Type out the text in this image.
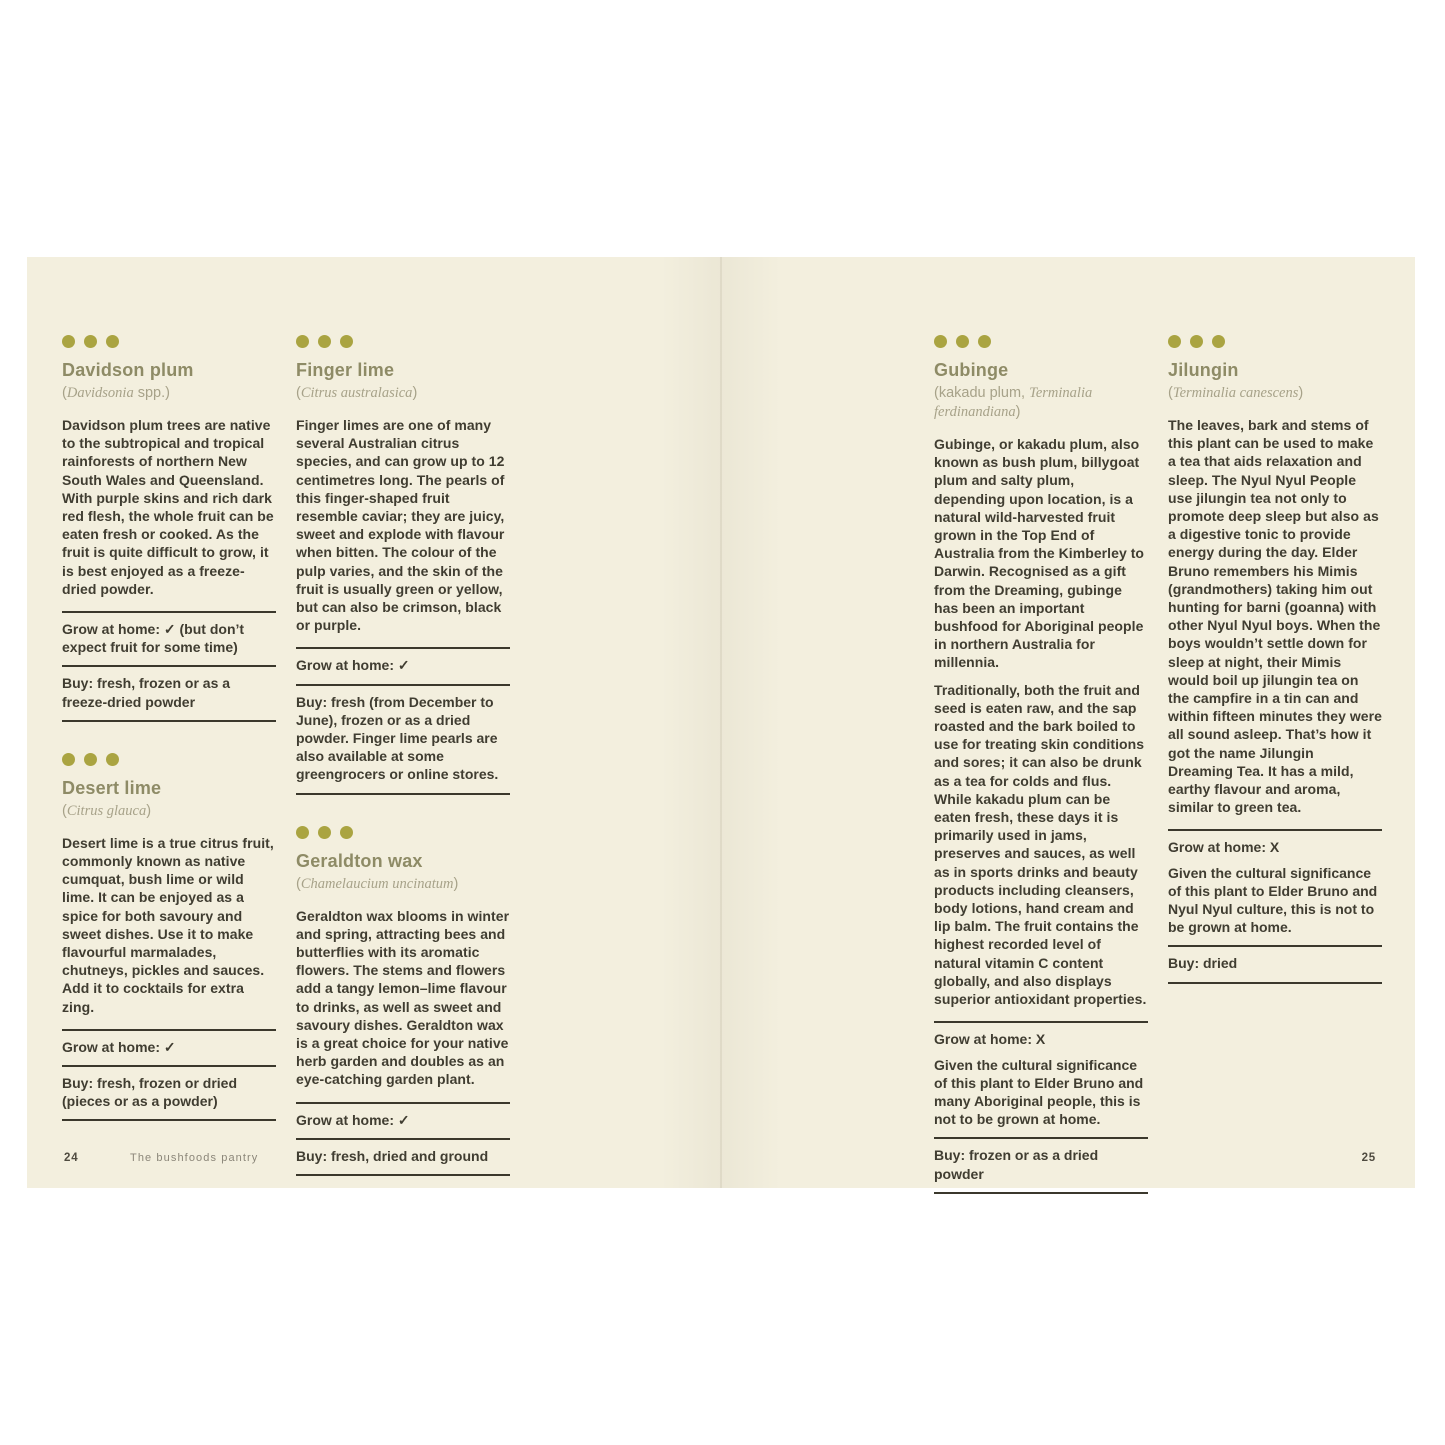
Davidson plum

(Davidsonia spp.)

Davidson plum trees are native to the subtropical and tropical rainforests of northern New South Wales and Queensland. With purple skins and rich dark red flesh, the whole fruit can be eaten fresh or cooked. As the fruit is quite difficult to grow, it is best enjoyed as a freeze-dried powder.

Grow at home: ✓ (but don’t expect fruit for some time)
Buy: fresh, frozen or as a freeze-dried powder
Desert lime

(Citrus glauca)

Desert lime is a true citrus fruit, commonly known as native cumquat, bush lime or wild lime. It can be enjoyed as a spice for both savoury and sweet dishes. Use it to make flavourful marmalades, chutneys, pickles and sauces. Add it to cocktails for extra zing.

Grow at home: ✓
Buy: fresh, frozen or dried (pieces or as a powder)
Finger lime

(Citrus australasica)

Finger limes are one of many several Australian citrus species, and can grow up to 12 centimetres long. The pearls of this finger-shaped fruit resemble caviar; they are juicy, sweet and explode with flavour when bitten. The colour of the pulp varies, and the skin of the fruit is usually green or yellow, but can also be crimson, black or purple.

Grow at home: ✓
Buy: fresh (from December to June), frozen or as a dried powder. Finger lime pearls are also available at some greengrocers or online stores.
Geraldton wax

(Chamelaucium uncinatum)

Geraldton wax blooms in winter and spring, attracting bees and butterflies with its aromatic flowers. The stems and flowers add a tangy lemon–lime flavour to drinks, as well as sweet and savoury dishes. Geraldton wax is a great choice for your native herb garden and doubles as an eye-catching garden plant.

Grow at home: ✓
Buy: fresh, dried and ground
24	The bushfoods pantry
Gubinge

(kakadu plum, Terminalia ferdinandiana)

Gubinge, or kakadu plum, also known as bush plum, billygoat plum and salty plum, depending upon location, is a natural wild-harvested fruit grown in the Top End of Australia from the Kimberley to Darwin. Recognised as a gift from the Dreaming, gubinge has been an important bushfood for Aboriginal people in northern Australia for millennia.

Traditionally, both the fruit and seed is eaten raw, and the sap roasted and the bark boiled to use for treating skin conditions and sores; it can also be drunk as a tea for colds and flus. While kakadu plum can be eaten fresh, these days it is primarily used in jams, preserves and sauces, as well as in sports drinks and beauty products including cleansers, body lotions, hand cream and lip balm. The fruit contains the highest recorded level of natural vitamin C content globally, and also displays superior antioxidant properties.

Grow at home: X
Given the cultural significance of this plant to Elder Bruno and many Aboriginal people, this is not to be grown at home.
Buy: frozen or as a dried powder
Jilungin

(Terminalia canescens)

The leaves, bark and stems of this plant can be used to make a tea that aids relaxation and sleep. The Nyul Nyul People use jilungin tea not only to promote deep sleep but also as a digestive tonic to provide energy during the day. Elder Bruno remembers his Mimis (grandmothers) taking him out hunting for barni (goanna) with other Nyul Nyul boys. When the boys wouldn’t settle down for sleep at night, their Mimis would boil up jilungin tea on the campfire in a tin can and within fifteen minutes they were all sound asleep. That’s how it got the name Jilungin Dreaming Tea. It has a mild, earthy flavour and aroma, similar to green tea.

Grow at home: X
Given the cultural significance of this plant to Elder Bruno and Nyul Nyul culture, this is not to be grown at home.
Buy: dried
25
